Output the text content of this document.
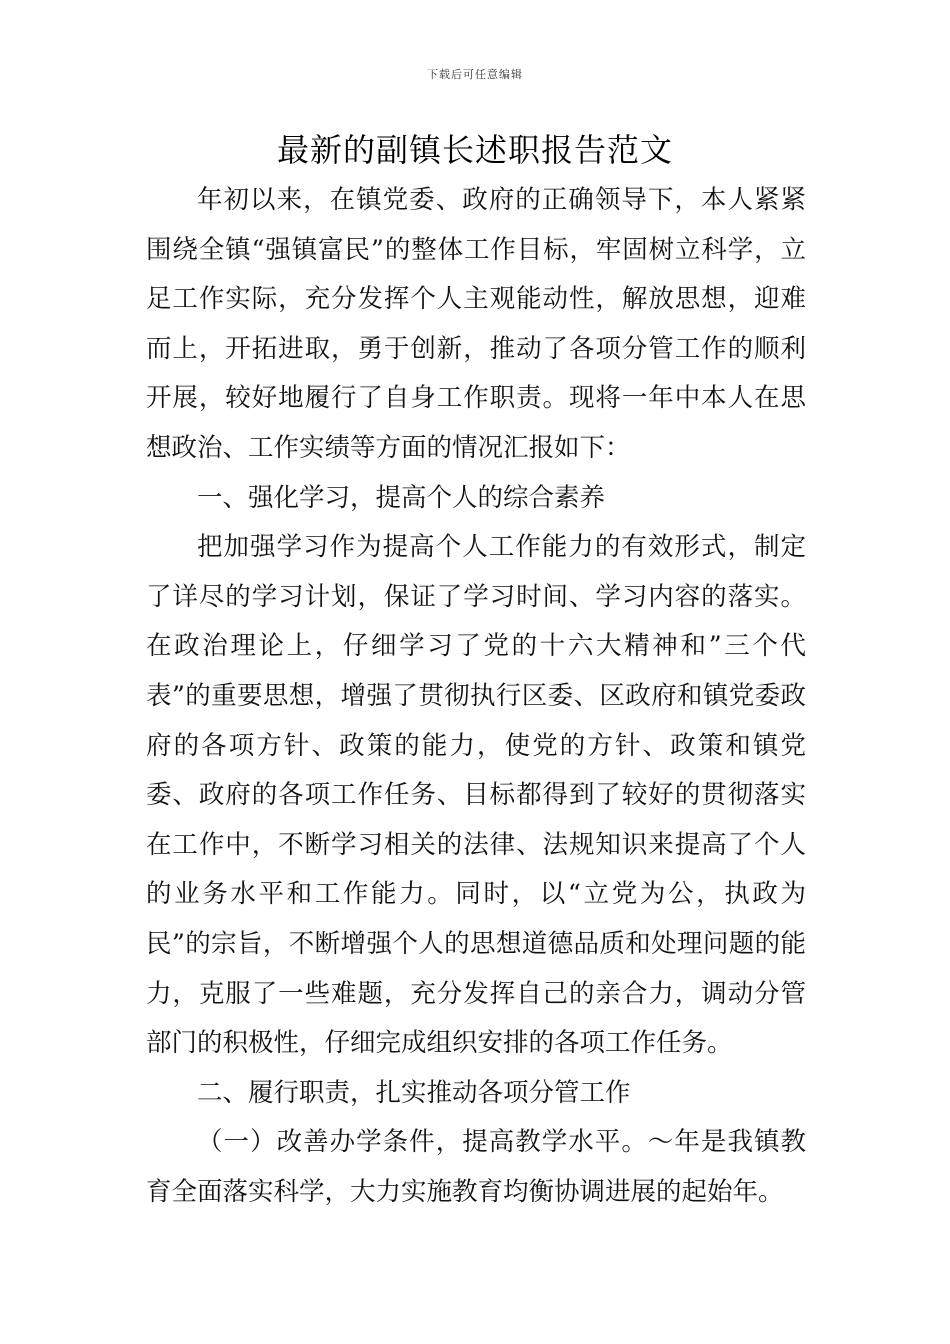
下载后可任意编辑
最新的副镇长述职报告范文

年初以来，在镇党委、政府的正确领导下，本人紧紧围绕全镇“强镇富民”的整体工作目标，牢固树立科学，立足工作实际，充分发挥个人主观能动性，解放思想，迎难而上，开拓进取，勇于创新，推动了各项分管工作的顺利开展，较好地履行了自身工作职责。现将一年中本人在思想政治、工作实绩等方面的情况汇报如下：

一、强化学习，提高个人的综合素养

把加强学习作为提高个人工作能力的有效形式，制定了详尽的学习计划，保证了学习时间、学习内容的落实。在政治理论上，仔细学习了党的十六大精神和”三个代表”的重要思想，增强了贯彻执行区委、区政府和镇党委政府的各项方针、政策的能力，使党的方针、政策和镇党委、政府的各项工作任务、目标都得到了较好的贯彻落实在工作中，不断学习相关的法律、法规知识来提高了个人的业务水平和工作能力。同时，以“立党为公，执政为民”的宗旨，不断增强个人的思想道德品质和处理问题的能力，克服了一些难题，充分发挥自己的亲合力，调动分管部门的积极性，仔细完成组织安排的各项工作任务。

二、履行职责，扎实推动各项分管工作

（一）改善办学条件，提高教学水平。～年是我镇教育全面落实科学，大力实施教育均衡协调进展的起始年。
